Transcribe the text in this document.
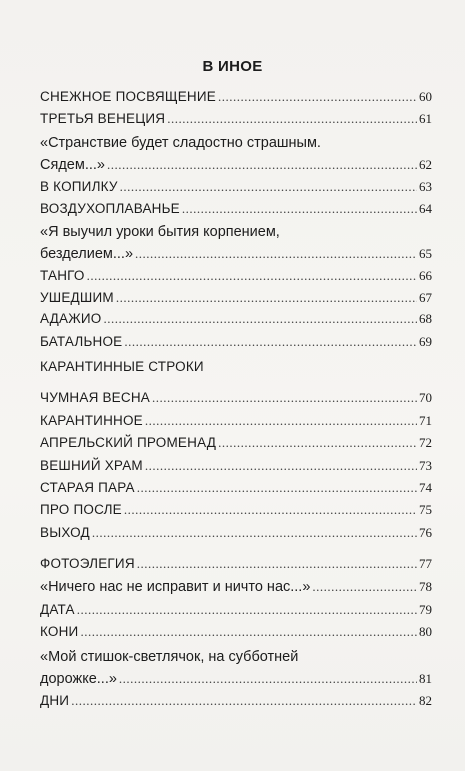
В ИНОЕ
СНЕЖНОЕ ПОСВЯЩЕНИЕ .....	60
ТРЕТЬЯ ВЕНЕЦИЯ .....	61
«Странствие будет сладостно страшным.
Сядем...» .....	62
В КОПИЛКУ .....	63
ВОЗДУХОПЛАВАНЬЕ .....	64
«Я выучил уроки бытия корпением,
безделием...» .....	65
ТАНГО .....	66
УШЕДШИМ .....	67
АДАЖИО .....	68
БАТАЛЬНОЕ .....	69
КАРАНТИННЫЕ СТРОКИ
ЧУМНАЯ ВЕСНА .....	70
КАРАНТИННОЕ .....	71
АПРЕЛЬСКИЙ ПРОМЕНАД .....	72
ВЕШНИЙ ХРАМ .....	73
СТАРАЯ ПАРА .....	74
ПРО ПОСЛЕ .....	75
ВЫХОД .....	76
ФОТОЭЛЕГИЯ .....	77
«Ничего нас не исправит и ничто нас...» .....	78
ДАТА .....	79
КОНИ .....	80
«Мой стишок-светлячок, на субботней
дорожке...» .....	81
ДНИ .....	82
